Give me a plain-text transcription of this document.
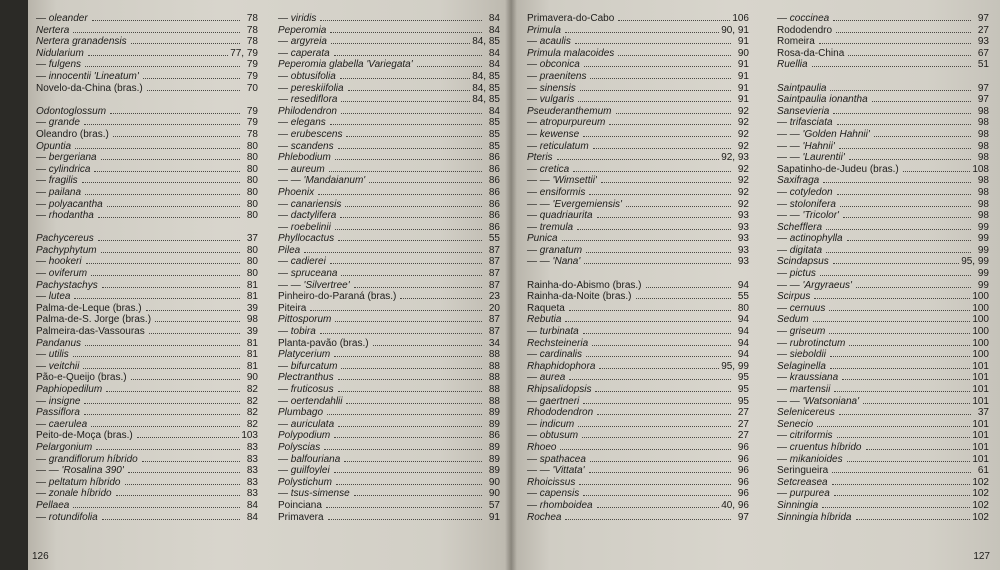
— oleander	78
Nertera	78
Nertera granadensis	78
Nidularium	77, 79
— fulgens	79
— innocentii 'Lineatum'	79
Novelo-da-China (bras.)	70
Odontoglossum	79
— grande	79
Oleandro (bras.)	78
Opuntia	80
— bergeriana	80
— cylindrica	80
— fragilis	80
— pailana	80
— polyacantha	80
— rhodantha	80
Pachycereus	37
Pachyphytum	80
— hookeri	80
— oviferum	80
Pachystachys	81
— lutea	81
Palma-de-Leque (bras.)	39
Palma-de-S. Jorge (bras.)	98
Palmeira-das-Vassouras	39
Pandanus	81
— utilis	81
— veitchii	81
Pão-e-Queijo (bras.)	90
Paphiopedilum	82
— insigne	82
Passiflora	82
— caerulea	82
Peito-de-Moça (bras.)	103
Pelargonium	83
— grandiflorum híbrido	83
— — 'Rosalina 390'	83
— peltatum híbrido	83
— zonale híbrido	83
Pellaea	84
— rotundifolia	84
— viridis	84
Peperomia	84
— argyreia	84, 85
— caperata	84
Peperomia glabella 'Variegata'	84
— obtusifolia	84, 85
— pereskiifolia	84, 85
— resediflora	84, 85
Philodendron	84
— elegans	85
— erubescens	85
— scandens	85
Phlebodium	86
— aureum	86
— — 'Mandaianum'	86
Phoenix	86
— canariensis	86
— dactylifera	86
— roebelinii	86
Phyllocactus	55
Pilea	87
— cadierei	87
— spruceana	87
— — 'Silvertree'	87
Pinheiro-do-Paraná (bras.)	23
Piteira	20
Pittosporum	87
— tobira	87
Planta-pavão (bras.)	34
Platycerium	88
— bifurcatum	88
Plectranthus	88
— fruticosus	88
— oertendahlii	88
Plumbago	89
— auriculata	89
Polypodium	86
Polyscias	89
— balfouriana	89
— guilfoylei	89
Polystichum	90
— tsus-simense	90
Poinciana	57
Primavera	91
126
Primavera-do-Cabo	106
Primula	90, 91
— acaulis	91
Primula malacoides	90
— obconica	91
— praenitens	91
— sinensis	91
— vulgaris	91
Pseuderanthemum	92
— atropurpureum	92
— kewense	92
— reticulatum	92
Pteris	92, 93
— cretica	92
— — 'Wimsettii'	92
— ensiformis	92
— — 'Evergemiensis'	92
— quadriaurita	93
— tremula	93
Punica	93
— granatum	93
— — 'Nana'	93
Rainha-do-Abismo (bras.)	94
Rainha-da-Noite (bras.)	55
Raqueta	80
Rebutia	94
— turbinata	94
Rechsteineria	94
— cardinalis	94
Rhaphidophora	95, 99
— aurea	95
Rhipsalidopsis	95
— gaertneri	95
Rhododendron	27
— indicum	27
— obtusum	27
Rhoeo	96
— spathacea	96
— — 'Vittata'	96
Rhoicissus	96
— capensis	96
— rhomboidea	40, 96
Rochea	97
— coccinea	97
Rododendro	27
Romeira	93
Rosa-da-China	67
Ruellia	51
Saintpaulia	97
Saintpaulia ionantha	97
Sansevieria	98
— trifasciata	98
— — 'Golden Hahnii'	98
— — 'Hahnii'	98
— — 'Laurentii'	98
Sapatinho-de-Judeu (bras.)	108
Saxifraga	98
— cotyledon	98
— stolonifera	98
— — 'Tricolor'	98
Schefflera	99
— actinophylla	99
— digitata	99
Scindapsus	95, 99
— pictus	99
— — 'Argyraeus'	99
Scirpus	100
— cernuus	100
Sedum	100
— griseum	100
— rubrotinctum	100
— sieboldii	100
Selaginella	101
— kraussiana	101
— martensii	101
— — 'Watsoniana'	101
Selenicereus	37
Senecio	101
— citriformis	101
— cruentus híbrido	101
— mikanioides	101
Seringueira	61
Setcreasea	102
— purpurea	102
Sinningia	102
Sinningia híbrida	102
127
